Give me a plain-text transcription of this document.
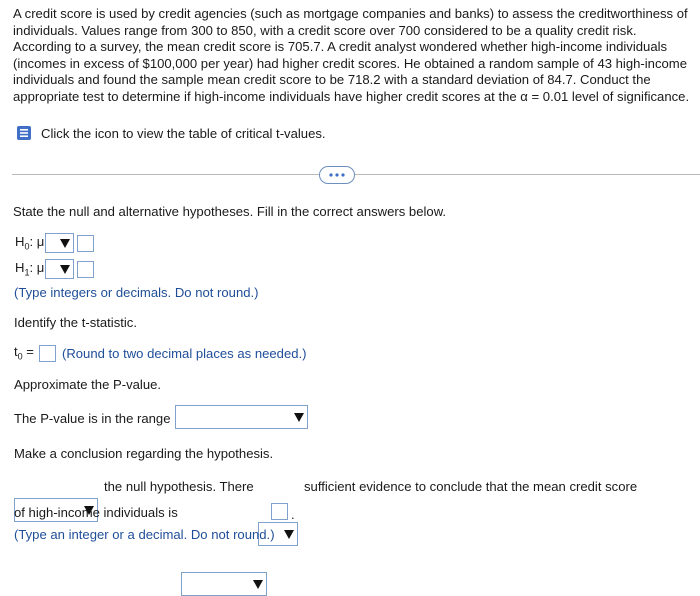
A credit score is used by credit agencies (such as mortgage companies and banks) to assess the creditworthiness of individuals. Values range from 300 to 850, with a credit score over 700 considered to be a quality credit risk. According to a survey, the mean credit score is 705.7. A credit analyst wondered whether high-income individuals (incomes in excess of $100,000 per year) had higher credit scores. He obtained a random sample of 43 high-income individuals and found the sample mean credit score to be 718.2 with a standard deviation of 84.7. Conduct the appropriate test to determine if high-income individuals have higher credit scores at the α = 0.01 level of significance.
Click the icon to view the table of critical t-values.
State the null and alternative hypotheses. Fill in the correct answers below.
$H_0$: μ
$H_1$: μ
(Type integers or decimals. Do not round.)
Identify the t-statistic.
$t_0$ = (Round to two decimal places as needed.)
Approximate the P-value.
The P-value is in the range
Make a conclusion regarding the hypothesis.
the null hypothesis. There	sufficient evidence to conclude that the mean credit score
of high-income individuals is	.
(Type an integer or a decimal. Do not round.)
